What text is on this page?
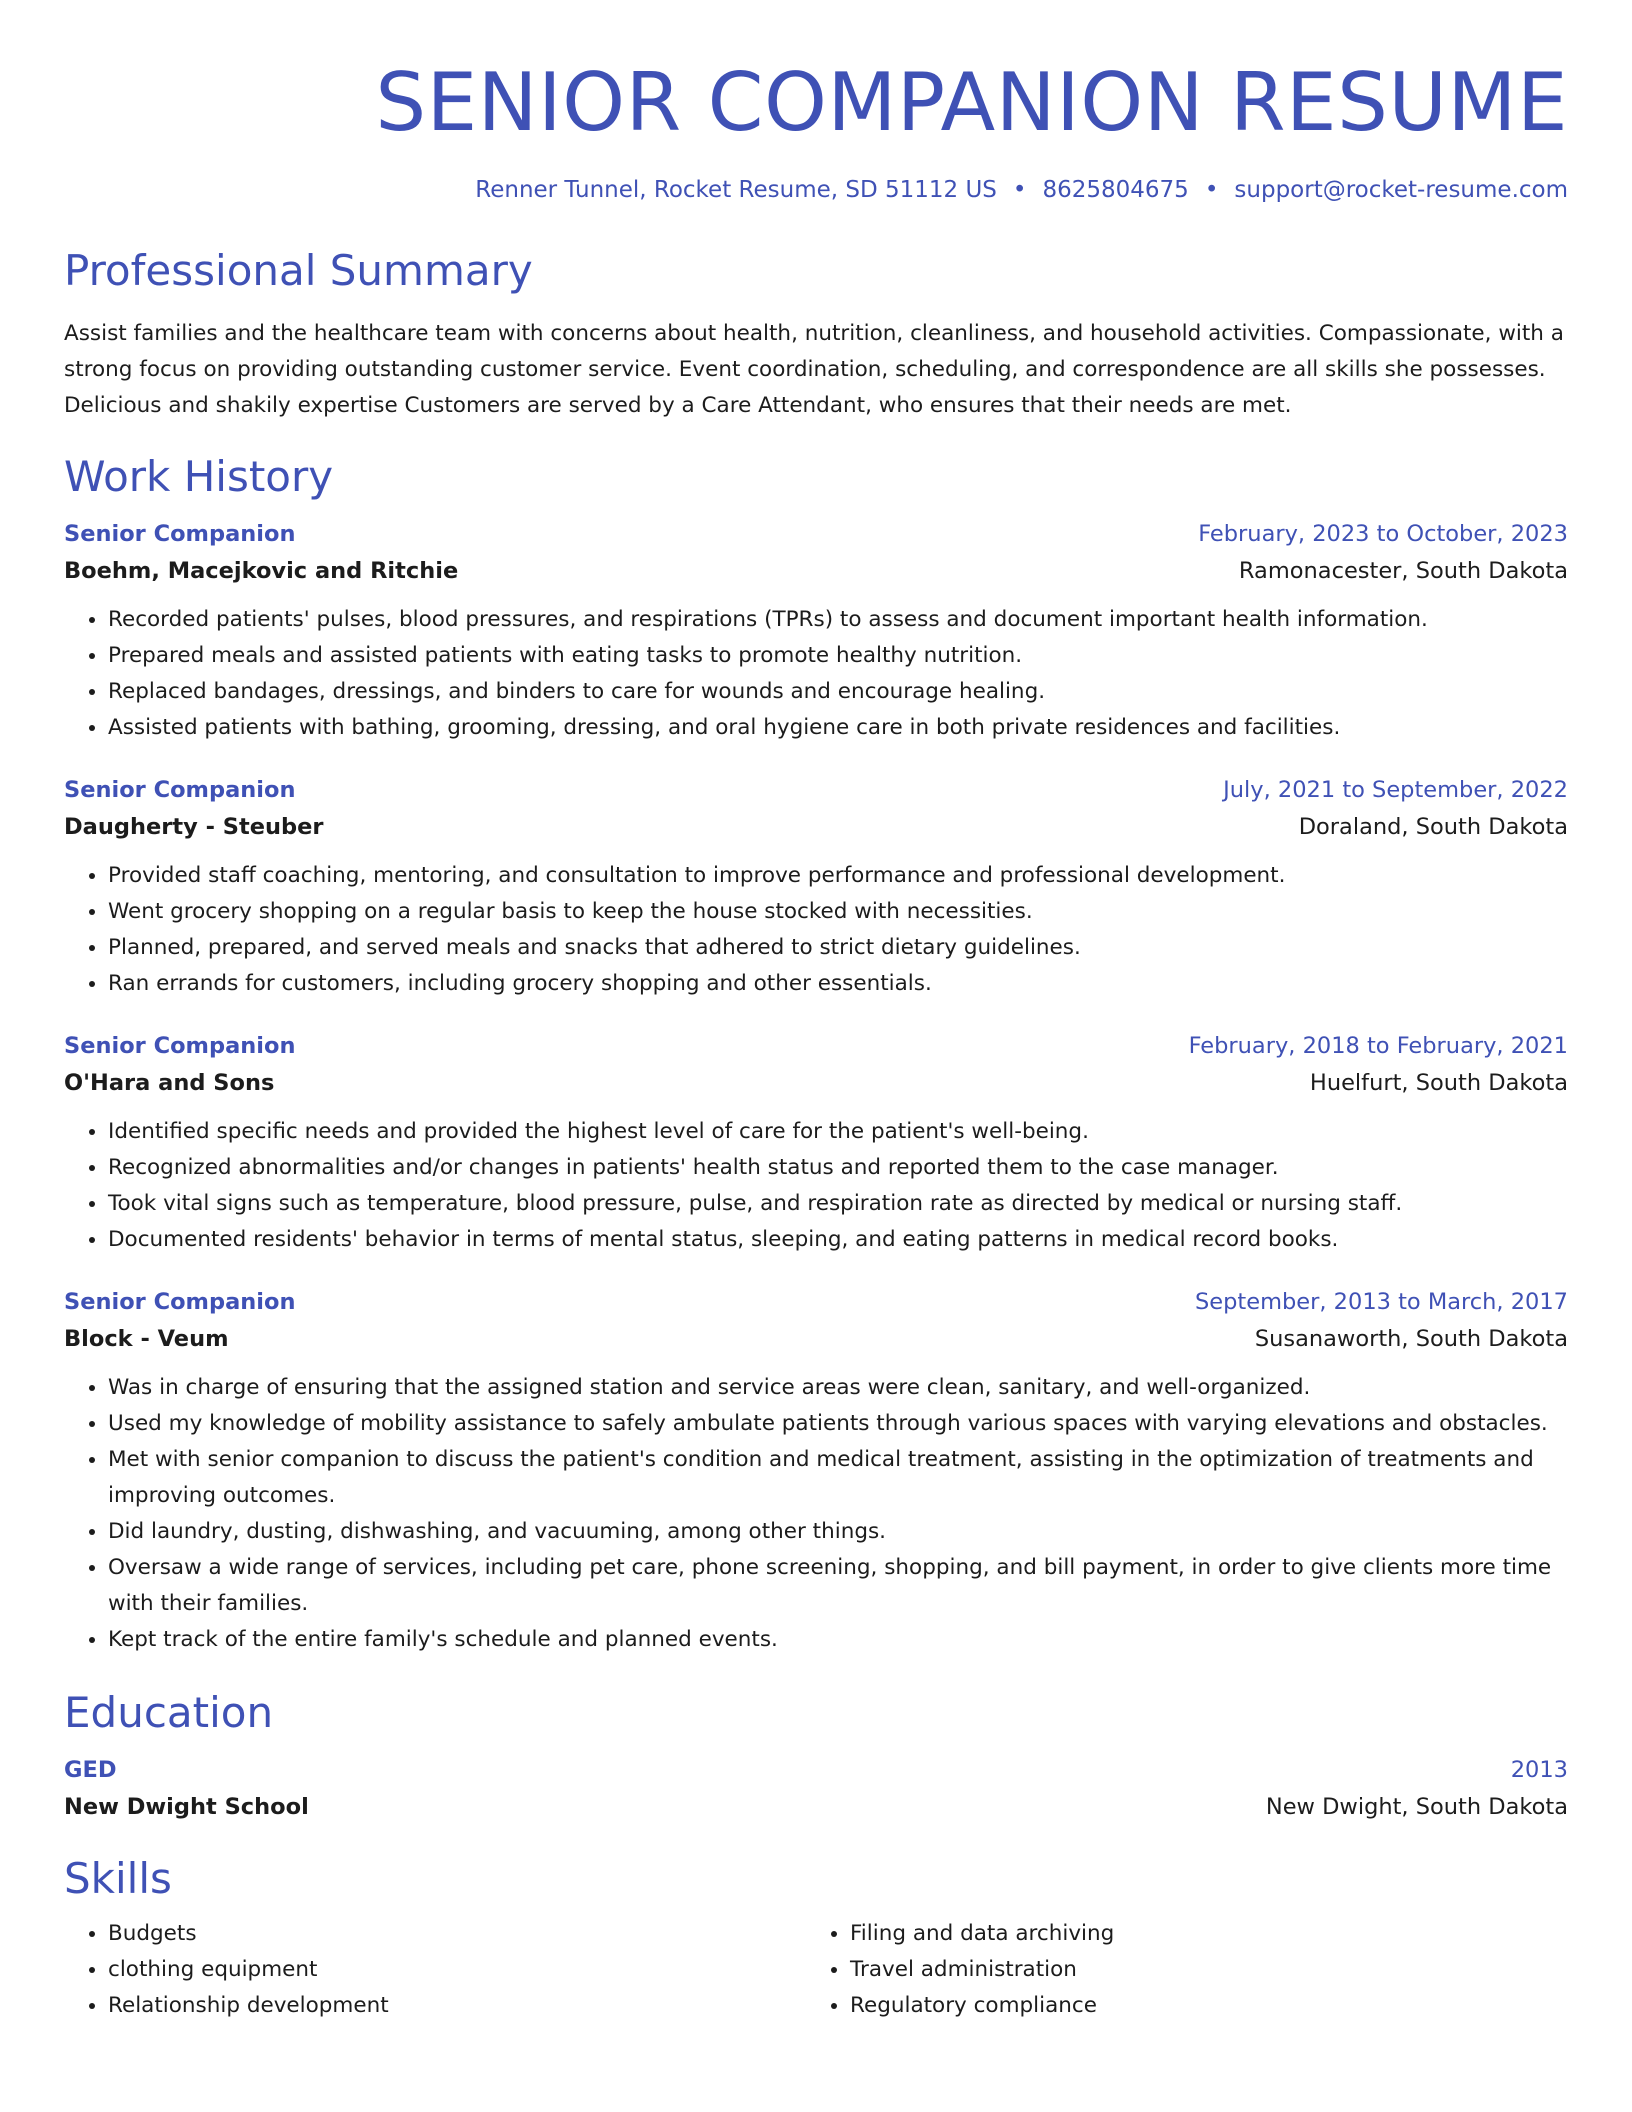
SENIOR COMPANION RESUME
Renner Tunnel, Rocket Resume, SD 51112 US • 8625804675 • support@rocket-resume.com
Professional Summary
Assist families and the healthcare team with concerns about health, nutrition, cleanliness, and household activities. Compassionate, with a strong focus on providing outstanding customer service. Event coordination, scheduling, and correspondence are all skills she possesses. Delicious and shakily expertise Customers are served by a Care Attendant, who ensures that their needs are met.
Work History
Senior Companion	February, 2023 to October, 2023
Boehm, Macejkovic and Ritchie	Ramonacester, South Dakota
• Recorded patients' pulses, blood pressures, and respirations (TPRs) to assess and document important health information.
• Prepared meals and assisted patients with eating tasks to promote healthy nutrition.
• Replaced bandages, dressings, and binders to care for wounds and encourage healing.
• Assisted patients with bathing, grooming, dressing, and oral hygiene care in both private residences and facilities.
Senior Companion	July, 2021 to September, 2022
Daugherty - Steuber	Doraland, South Dakota
• Provided staff coaching, mentoring, and consultation to improve performance and professional development.
• Went grocery shopping on a regular basis to keep the house stocked with necessities.
• Planned, prepared, and served meals and snacks that adhered to strict dietary guidelines.
• Ran errands for customers, including grocery shopping and other essentials.
Senior Companion	February, 2018 to February, 2021
O'Hara and Sons	Huelfurt, South Dakota
• Identified specific needs and provided the highest level of care for the patient's well-being.
• Recognized abnormalities and/or changes in patients' health status and reported them to the case manager.
• Took vital signs such as temperature, blood pressure, pulse, and respiration rate as directed by medical or nursing staff.
• Documented residents' behavior in terms of mental status, sleeping, and eating patterns in medical record books.
Senior Companion	September, 2013 to March, 2017
Block - Veum	Susanaworth, South Dakota
• Was in charge of ensuring that the assigned station and service areas were clean, sanitary, and well-organized.
• Used my knowledge of mobility assistance to safely ambulate patients through various spaces with varying elevations and obstacles.
• Met with senior companion to discuss the patient's condition and medical treatment, assisting in the optimization of treatments and improving outcomes.
• Did laundry, dusting, dishwashing, and vacuuming, among other things.
• Oversaw a wide range of services, including pet care, phone screening, shopping, and bill payment, in order to give clients more time with their families.
• Kept track of the entire family's schedule and planned events.
Education
GED	2013
New Dwight School	New Dwight, South Dakota
Skills
• Budgets
• clothing equipment
• Relationship development
• Filing and data archiving
• Travel administration
• Regulatory compliance
